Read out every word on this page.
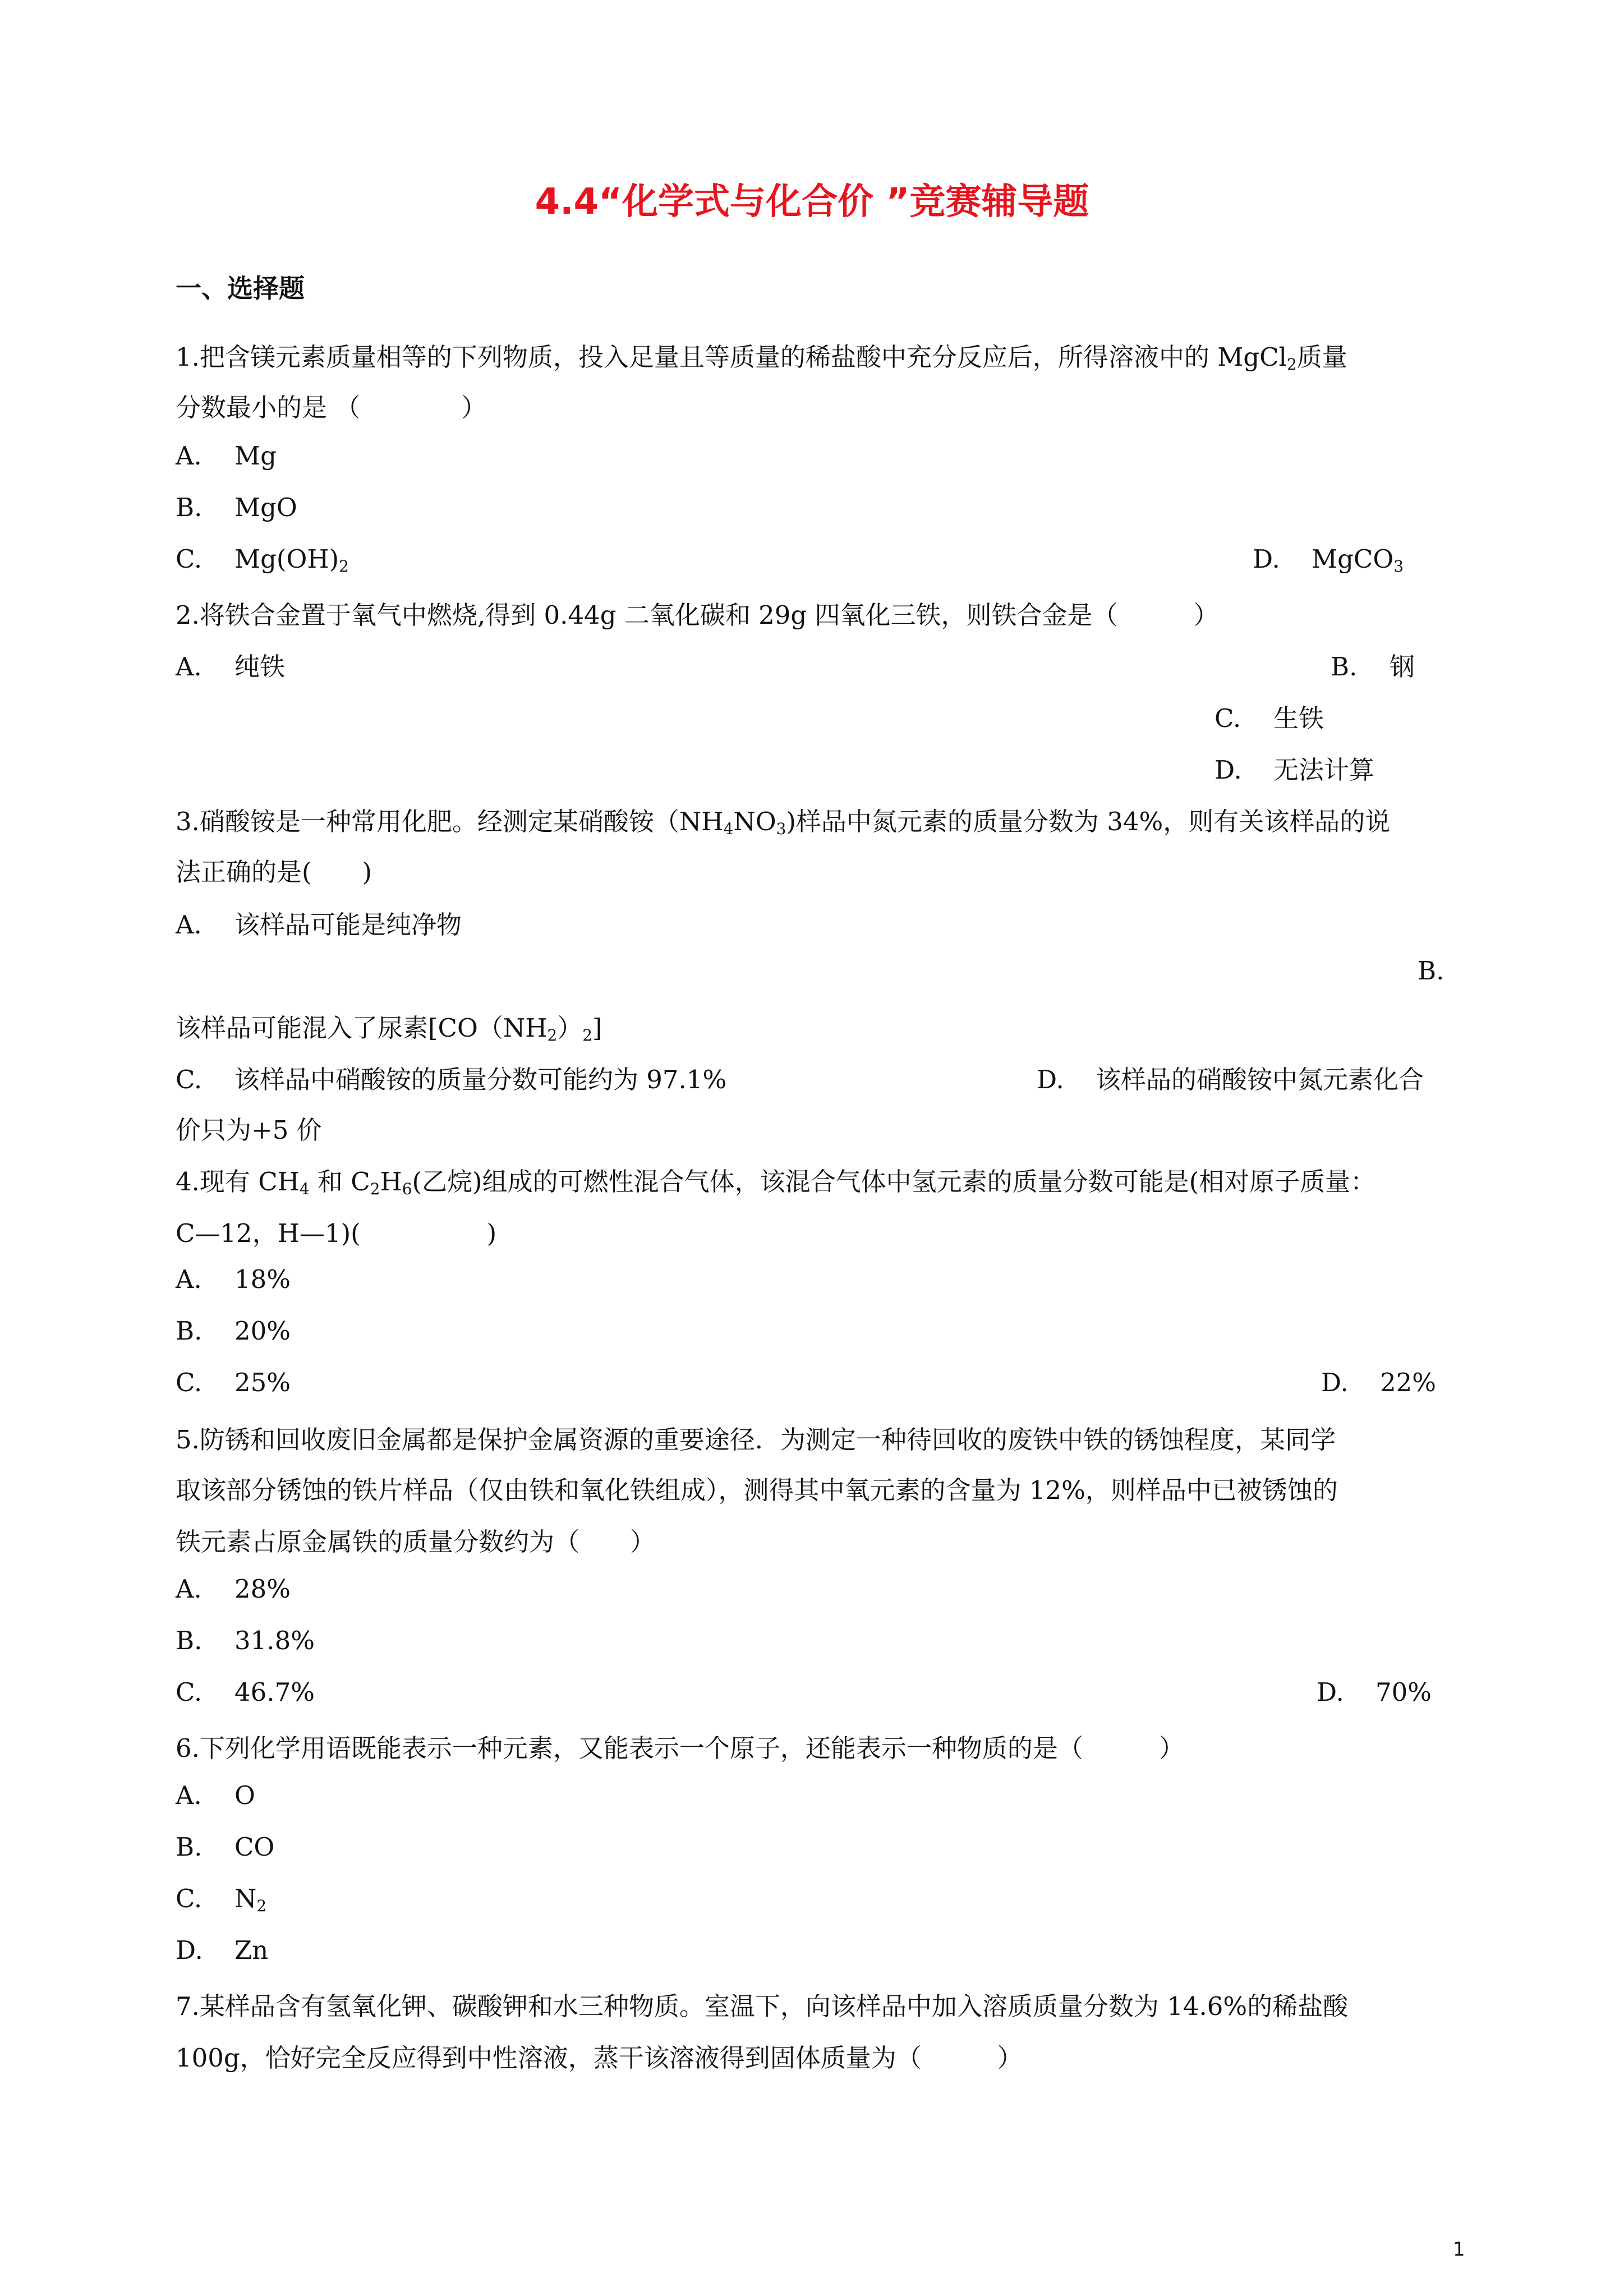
4.4“化学式与化合价 ”竞赛辅导题
一、选择题
1.把含镁元素质量相等的下列物质，投入足量且等质量的稀盐酸中充分反应后，所得溶液中的 MgCl$_2$质量
分数最小的是 （　　　　）
A. Mg
B. MgO
C. $Mg(OH)_2$	D. MgCO$_3$
2.将铁合金置于氧气中燃烧,得到 0.44g 二氧化碳和 29g 四氧化三铁，则铁合金是（　　　）
A. 纯铁	B. 钢
C. 生铁
D. 无法计算
3.硝酸铵是一种常用化肥。经测定某硝酸铵$(NH_4NO_3)$样品中氮元素的质量分数为 34%，则有关该样品的说
法正确的是(　　)
A. 该样品可能是纯净物
B.
该样品可能混入了尿素$[CO(NH_2)_2]$
C. 该样品中硝酸铵的质量分数可能约为 97.1%	D. 该样品的硝酸铵中氮元素化合
价只为+5 价
4.现有 $CH_4$ 和 $C_2H_6$(乙烷)组成的可燃性混合气体，该混合气体中氢元素的质量分数可能是(相对原子质量：
C—12，H—1)(　　　　　)
A. 18%
B. 20%
C. 25%	D. 22%
5.防锈和回收废旧金属都是保护金属资源的重要途径．为测定一种待回收的废铁中铁的锈蚀程度，某同学
取该部分锈蚀的铁片样品（仅由铁和氧化铁组成），测得其中氧元素的含量为 12%，则样品中已被锈蚀的
铁元素占原金属铁的质量分数约为（　　）
A. 28%
B. 31.8%
C. 46.7%	D. 70%
6.下列化学用语既能表示一种元素，又能表示一个原子，还能表示一种物质的是（　　　）
A. O
B. CO
C. $N_2$
D. Zn
7.某样品含有氢氧化钾、碳酸钾和水三种物质。室温下，向该样品中加入溶质质量分数为 14.6%的稀盐酸
100g，恰好完全反应得到中性溶液，蒸干该溶液得到固体质量为（　　　）
1
